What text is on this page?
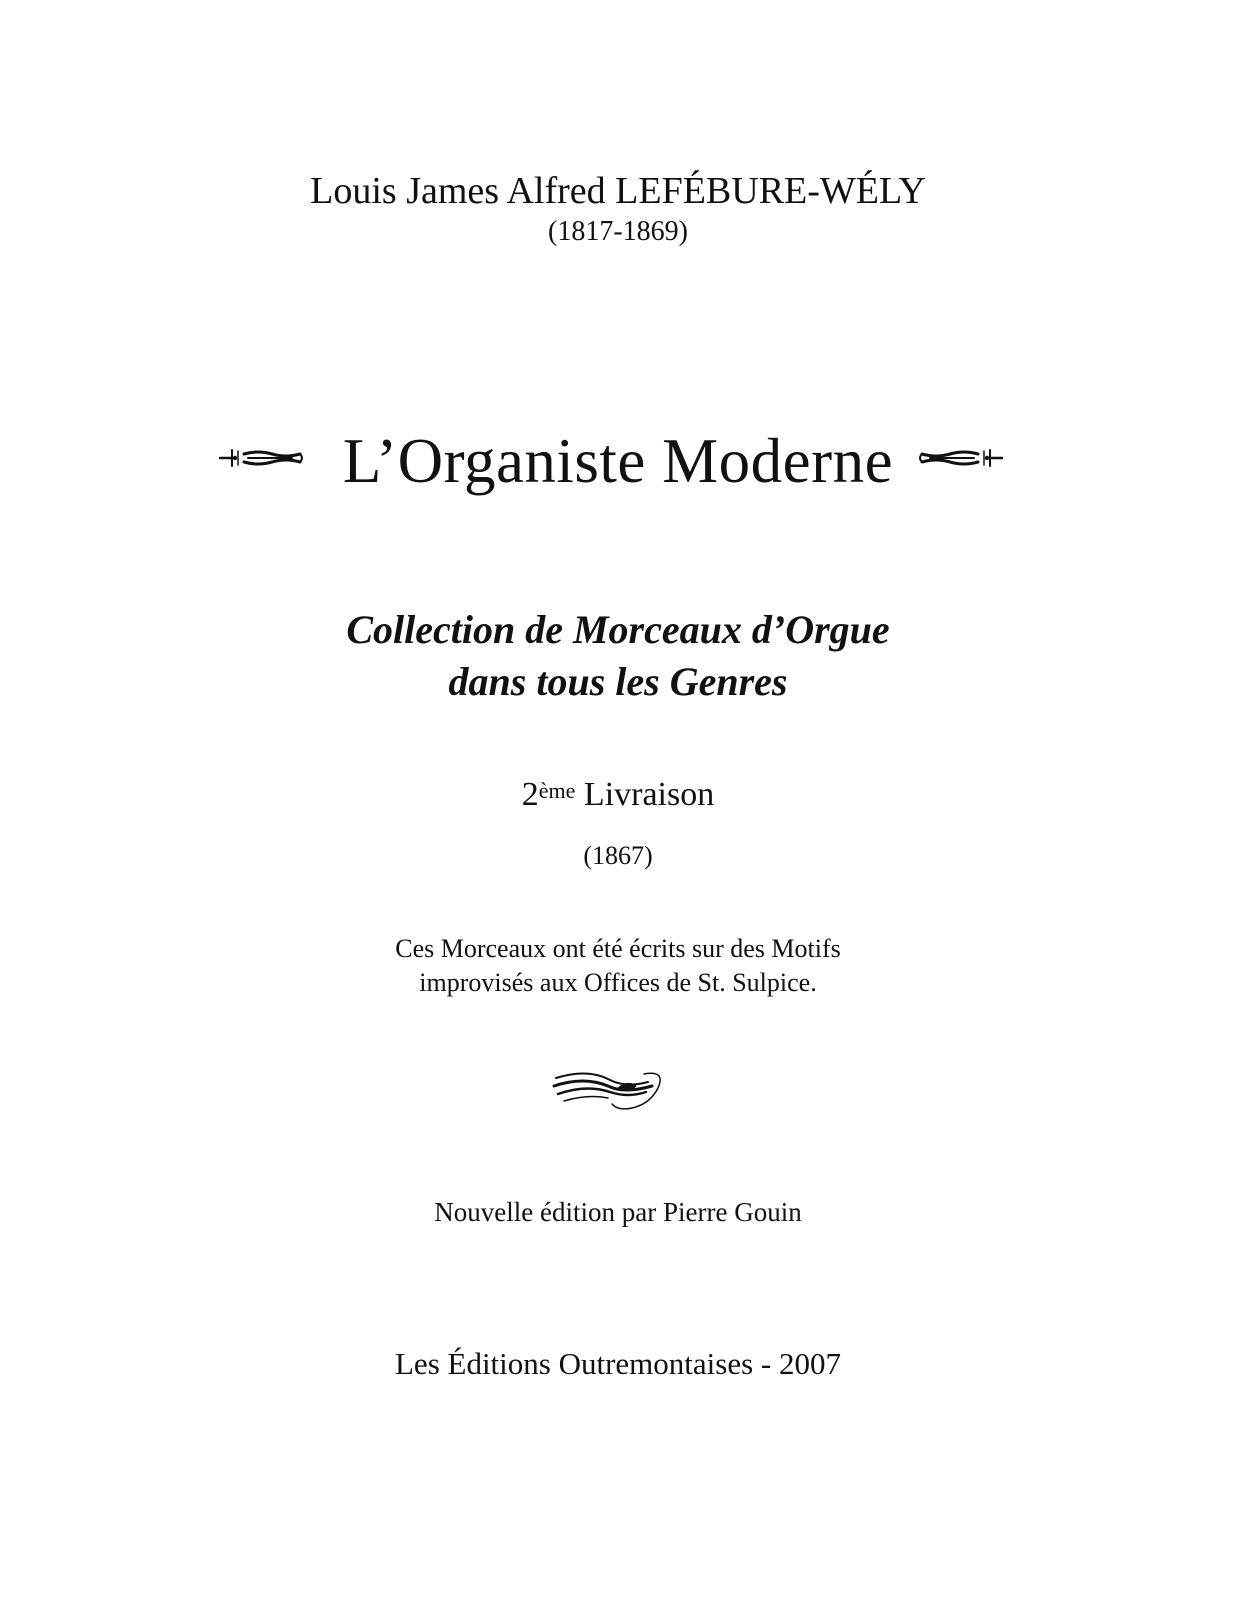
Louis James Alfred LEFÉBURE-WÉLY
(1817-1869)
L’Organiste Moderne
Collection de Morceaux d’Orgue
dans tous les Genres
2ème Livraison
(1867)
Ces Morceaux ont été écrits sur des Motifs
improvisés aux Offices de St. Sulpice.
Nouvelle édition par Pierre Gouin
Les Éditions Outremontaises - 2007
